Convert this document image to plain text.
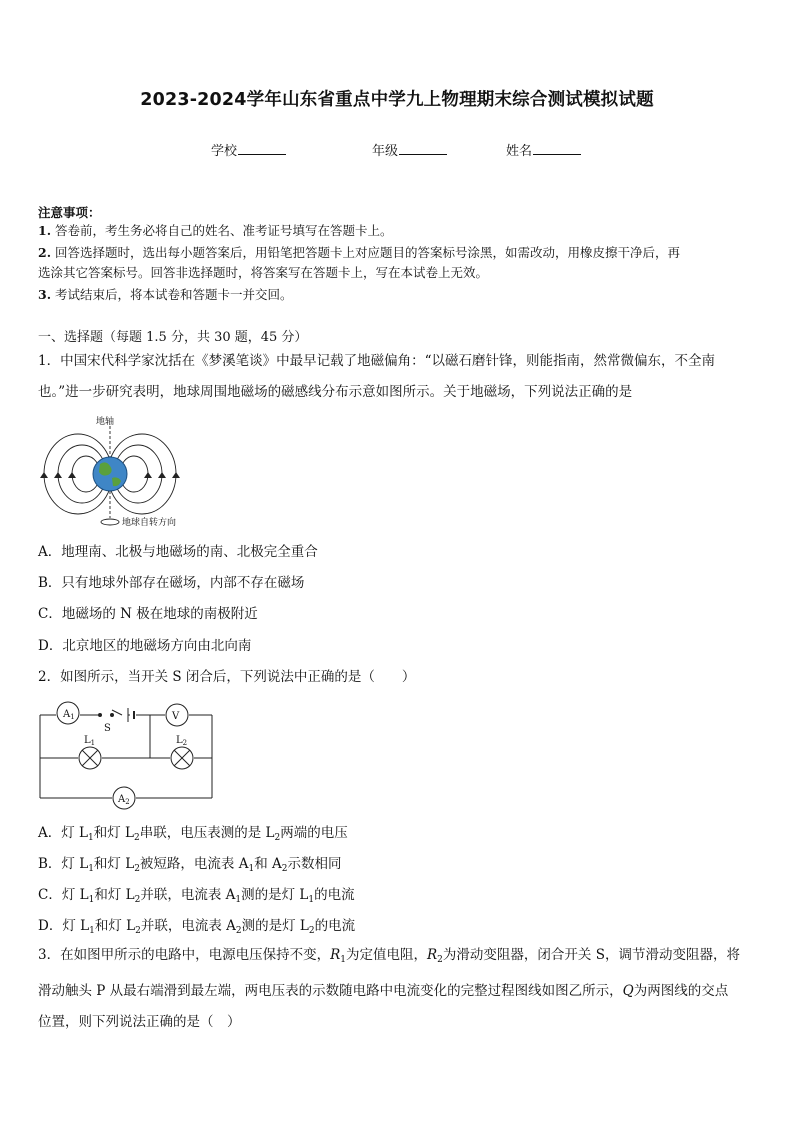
2023-2024学年山东省重点中学九上物理期末综合测试模拟试题
学校	年级	姓名
注意事项：
1. 答卷前，考生务必将自己的姓名、准考证号填写在答题卡上。
2. 回答选择题时，选出每小题答案后，用铅笔把答题卡上对应题目的答案标号涂黑，如需改动，用橡皮擦干净后，再
选涂其它答案标号。回答非选择题时，将答案写在答题卡上，写在本试卷上无效。
3. 考试结束后，将本试卷和答题卡一并交回。
一、选择题（每题 1.5 分，共 30 题，45 分）
1．中国宋代科学家沈括在《梦溪笔谈》中最早记载了地磁偏角：“以磁石磨针锋，则能指南，然常微偏东，不全南
也。”进一步研究表明，地球周围地磁场的磁感线分布示意如图所示。关于地磁场，下列说法正确的是
地轴
地球自转方向
A．地理南、北极与地磁场的南、北极完全重合
B．只有地球外部存在磁场，内部不存在磁场
C．地磁场的 N 极在地球的南极附近
D．北京地区的地磁场方向由北向南
2．如图所示，当开关 S 闭合后，下列说法中正确的是（　　）
$A_1$	V
$A_2$
S
$L_1$	$L_2$
A．灯 $L_1$和灯 $L_2$串联，电压表测的是 $L_2$两端的电压
B．灯 $L_1$和灯 $L_2$被短路，电流表 $A_1$和 $A_2$示数相同
C．灯 $L_1$和灯 $L_2$并联，电流表 $A_1$测的是灯 $L_1$的电流
D．灯 $L_1$和灯 $L_2$并联，电流表 $A_2$测的是灯 $L_2$的电流
3．在如图甲所示的电路中，电源电压保持不变，$R_1$为定值电阻，$R_2$为滑动变阻器，闭合开关 S，调节滑动变阻器，将
滑动触头 P 从最右端滑到最左端，两电压表的示数随电路中电流变化的完整过程图线如图乙所示，Q为两图线的交点
位置，则下列说法正确的是（　）
